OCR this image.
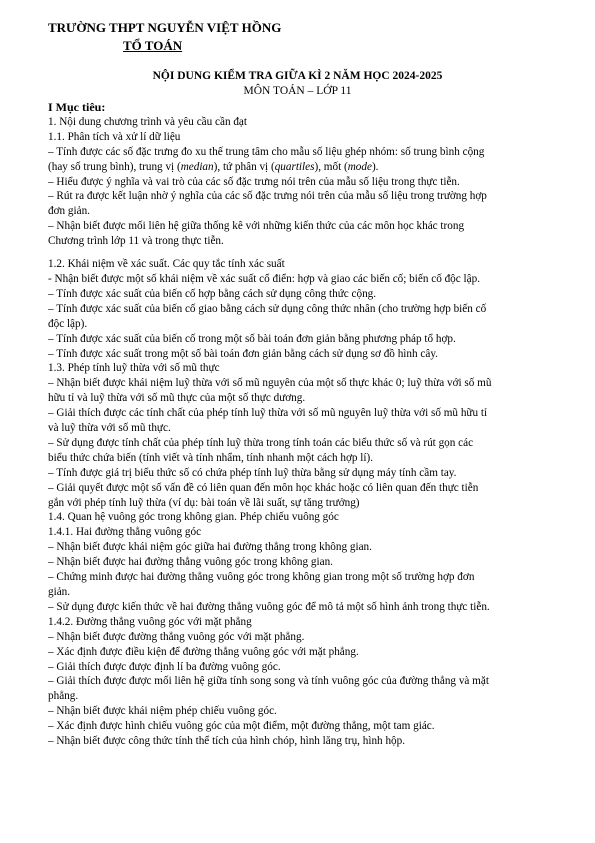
TRƯỜNG THPT NGUYỄN VIỆT HỒNG
TỔ TOÁN
NỘI DUNG KIỂM TRA GIỮA KÌ 2 NĂM HỌC 2024-2025
MÔN TOÁN – LỚP 11

I Mục tiêu:

1. Nội dung chương trình và yêu cầu cần đạt

1.1. Phân tích và xử lí dữ liệu

– Tính được các số đặc trưng đo xu thế trung tâm cho mẫu số liệu ghép nhóm: số trung bình cộng

(hay số trung bình), trung vị (median), tứ phân vị (quartiles), mốt (mode).

– Hiểu được ý nghĩa và vai trò của các số đặc trưng nói trên của mẫu số liệu trong thực tiễn.

– Rút ra được kết luận nhờ ý nghĩa của các số đặc trưng nói trên của mẫu số liệu trong trường hợp

đơn giản.

– Nhận biết được mối liên hệ giữa thống kê với những kiến thức của các môn học khác trong

Chương trình lớp 11 và trong thực tiễn.

1.2. Khái niệm về xác suất. Các quy tắc tính xác suất

- Nhận biết được một số khái niệm về xác suất cổ điển: hợp và giao các biến cố; biến cố độc lập.

– Tính được xác suất của biến cố hợp bằng cách sử dụng công thức cộng.

– Tính được xác suất của biến cố giao bằng cách sử dụng công thức nhân (cho trường hợp biến cố

độc lập).

– Tính được xác suất của biến cố trong một số bài toán đơn giản bằng phương pháp tổ hợp.

– Tính được xác suất trong một số bài toán đơn giản bằng cách sử dụng sơ đồ hình cây.

1.3. Phép tính luỹ thừa với số mũ thực

– Nhận biết được khái niệm luỹ thừa với số mũ nguyên của một số thực khác 0; luỹ thừa với số mũ

hữu tỉ và luỹ thừa với số mũ thực của một số thực dương.

– Giải thích được các tính chất của phép tính luỹ thừa với số mũ nguyên luỹ thừa với số mũ hữu tỉ

và luỹ thừa với số mũ thực.

– Sử dụng được tính chất của phép tính luỹ thừa trong tính toán các biểu thức số và rút gọn các

biểu thức chứa biến (tính viết và tính nhẩm, tính nhanh một cách hợp lí).

– Tính được giá trị biểu thức số có chứa phép tính luỹ thừa bằng sử dụng máy tính cầm tay.

– Giải quyết được một số vấn đề có liên quan đến môn học khác hoặc có liên quan đến thực tiễn

gắn với phép tính luỹ thừa (ví dụ: bài toán về lãi suất, sự tăng trưởng)

1.4. Quan hệ vuông góc trong không gian. Phép chiếu vuông góc

1.4.1. Hai đường thẳng vuông góc

– Nhận biết được khái niệm góc giữa hai đường thẳng trong không gian.

– Nhận biết được hai đường thẳng vuông góc trong không gian.

– Chứng minh được hai đường thẳng vuông góc trong không gian trong một số trường hợp đơn

giản.

– Sử dụng được kiến thức về hai đường thẳng vuông góc để mô tả một số hình ảnh trong thực tiễn.

1.4.2. Đường thẳng vuông góc với mặt phẳng

– Nhận biết được đường thẳng vuông góc với mặt phẳng.

– Xác định được điều kiện để đường thẳng vuông góc với mặt phẳng.

– Giải thích được được định lí ba đường vuông góc.

– Giải thích được được mối liên hệ giữa tính song song và tính vuông góc của đường thẳng và mặt

phẳng.

– Nhận biết được khái niệm phép chiếu vuông góc.

– Xác định được hình chiếu vuông góc của một điểm, một đường thẳng, một tam giác.

– Nhận biết được công thức tính thể tích của hình chóp, hình lăng trụ, hình hộp.
